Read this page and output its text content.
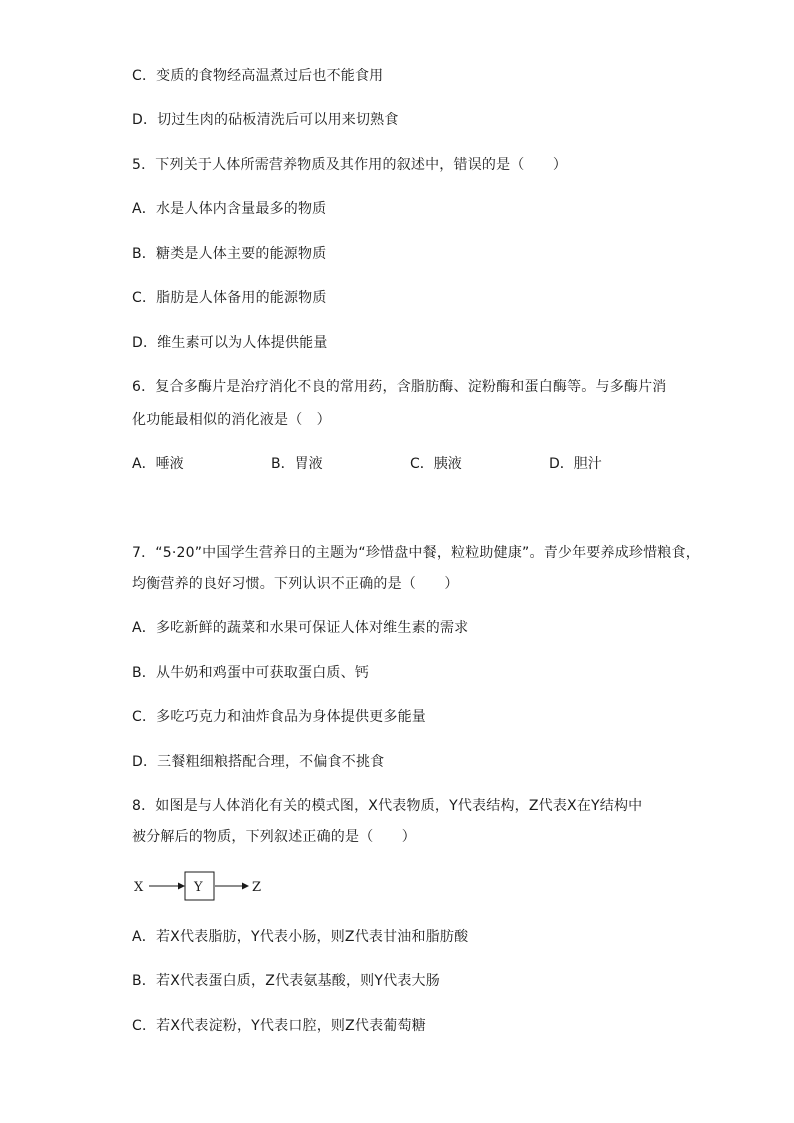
C．变质的食物经高温煮过后也不能食用
D．切过生肉的砧板清洗后可以用来切熟食
5．下列关于人体所需营养物质及其作用的叙述中，错误的是（　　）
A．水是人体内含量最多的物质
B．糖类是人体主要的能源物质
C．脂肪是人体备用的能源物质
D．维生素可以为人体提供能量
6．复合多酶片是治疗消化不良的常用药，含脂肪酶、淀粉酶和蛋白酶等。与多酶片消
化功能最相似的消化液是（　）
A．唾液	B．胃液	C．胰液	D．胆汁
7．“5·20”中国学生营养日的主题为“珍惜盘中餐，粒粒助健康”。青少年要养成珍惜粮食，
均衡营养的良好习惯。下列认识不正确的是（　　）
A．多吃新鲜的蔬菜和水果可保证人体对维生素的需求
B．从牛奶和鸡蛋中可获取蛋白质、钙
C．多吃巧克力和油炸食品为身体提供更多能量
D．三餐粗细粮搭配合理，不偏食不挑食
8．如图是与人体消化有关的模式图，X代表物质，Y代表结构，Z代表X在Y结构中
被分解后的物质，下列叙述正确的是（　　）
X	Y	Z
A．若X代表脂肪，Y代表小肠，则Z代表甘油和脂肪酸
B．若X代表蛋白质，Z代表氨基酸，则Y代表大肠
C．若X代表淀粉，Y代表口腔，则Z代表葡萄糖
